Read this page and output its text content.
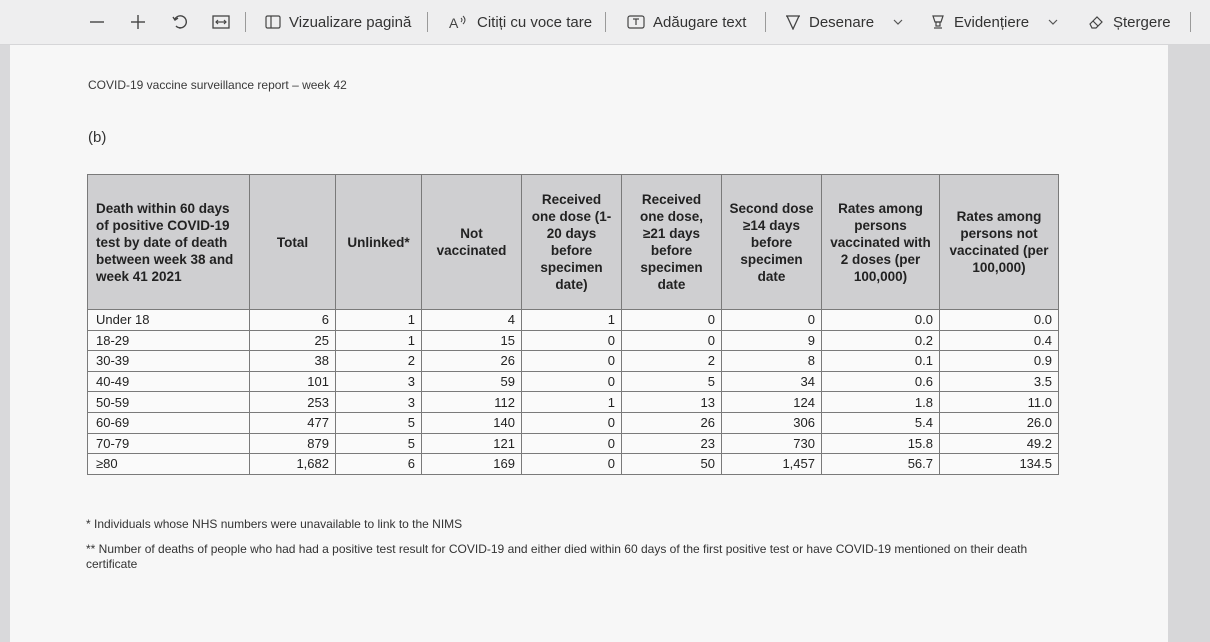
Vizualizare pagină	A Citiți cu voce tare	Adăugare text	Desenare	Evidențiere	Ștergere
COVID-19 vaccine surveillance report – week 42
(b)
Death within 60 days of positive COVID-19 test by date of death between week 38 and week 41 2021	Total	Unlinked*	Not vaccinated	Received one dose (1-20 days before specimen date)	Received one dose, ≥21 days before specimen date	Second dose ≥14 days before specimen date	Rates among persons vaccinated with 2 doses (per 100,000)	Rates among persons not vaccinated (per 100,000)
Under 18	6	1	4	1	0	0	0.0	0.0
18-29	25	1	15	0	0	9	0.2	0.4
30-39	38	2	26	0	2	8	0.1	0.9
40-49	101	3	59	0	5	34	0.6	3.5
50-59	253	3	112	1	13	124	1.8	11.0
60-69	477	5	140	0	26	306	5.4	26.0
70-79	879	5	121	0	23	730	15.8	49.2
≥80	1,682	6	169	0	50	1,457	56.7	134.5
* Individuals whose NHS numbers were unavailable to link to the NIMS
** Number of deaths of people who had had a positive test result for COVID-19 and either died within 60 days of the first positive test or have COVID-19 mentioned on their death certificate
